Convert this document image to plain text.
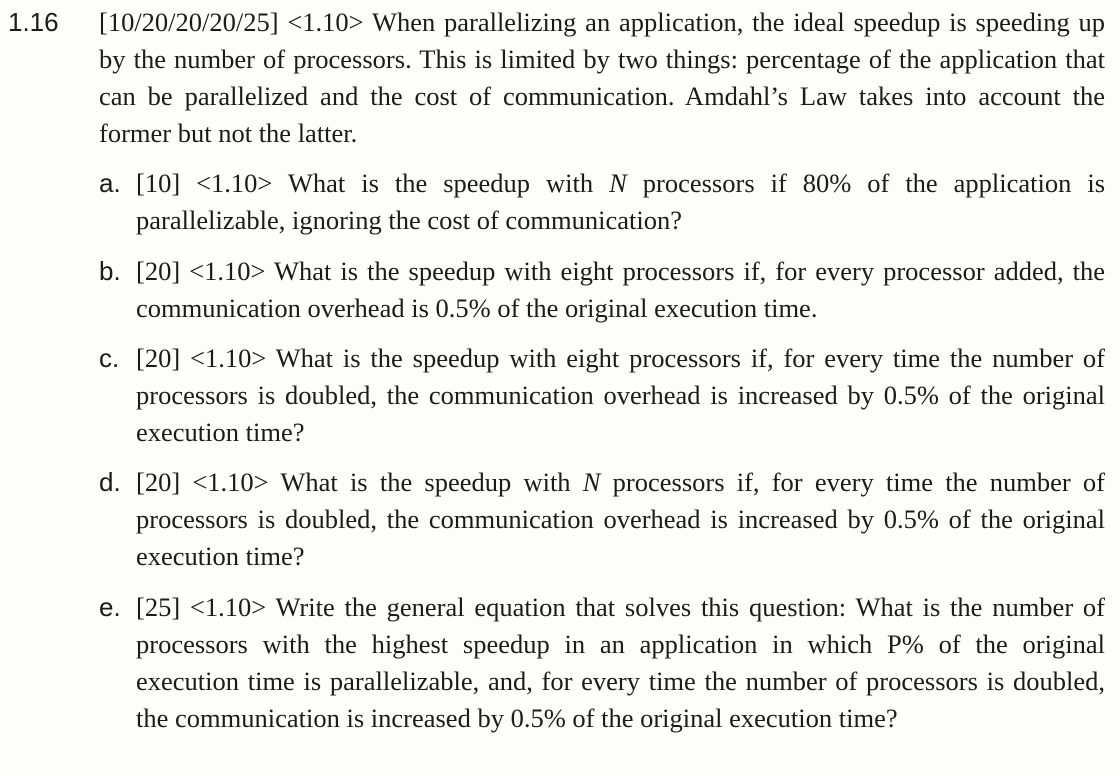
1.16 [10/20/20/20/25] <1.10> When parallelizing an application, the ideal speedup is speeding up by the number of processors. This is limited by two things: percentage of the application that can be parallelized and the cost of communication. Amdahl’s Law takes into account the former but not the latter.
a. [10] <1.10> What is the speedup with N processors if 80% of the application is parallelizable, ignoring the cost of communication?
b. [20] <1.10> What is the speedup with eight processors if, for every processor added, the communication overhead is 0.5% of the original execution time.
c. [20] <1.10> What is the speedup with eight processors if, for every time the number of processors is doubled, the communication overhead is increased by 0.5% of the original execution time?
d. [20] <1.10> What is the speedup with N processors if, for every time the number of processors is doubled, the communication overhead is increased by 0.5% of the original execution time?
e. [25] <1.10> Write the general equation that solves this question: What is the number of processors with the highest speedup in an application in which P% of the original execution time is parallelizable, and, for every time the number of processors is doubled, the communication is increased by 0.5% of the original execution time?
